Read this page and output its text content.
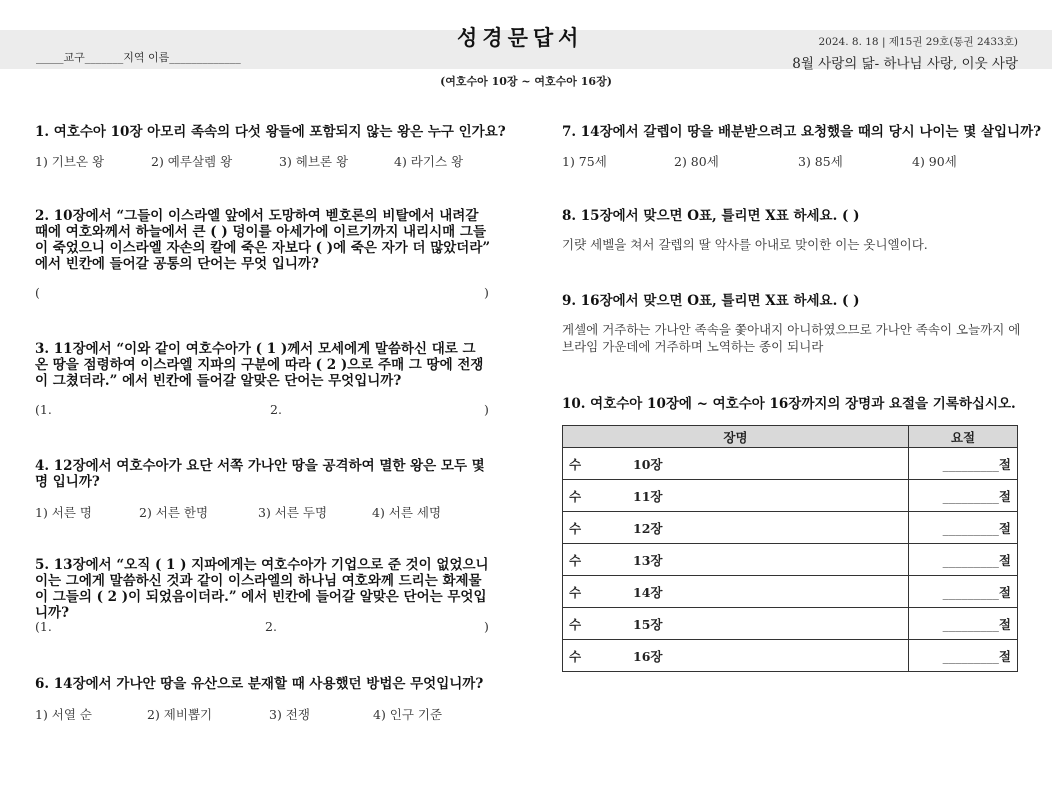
성경문답서
_____교구_______지역 이름_____________
2024. 8. 18 | 제15권 29호(통권 2433호)
8월 사랑의 닮- 하나님 사랑, 이웃 사랑
(여호수아 10장 ~ 여호수아 16장)
1. 여호수아 10장 아모리 족속의 다섯 왕들에 포함되지 않는 왕은 누구 인가요?
1) 기브온 왕	2) 예루살렘 왕	3) 헤브론 왕	4) 라기스 왕
2. 10장에서 “그들이 이스라엘 앞에서 도망하여 벧호론의 비탈에서 내려갈 때에 여호와께서 하늘에서 큰 ( ) 덩이를 아세가에 이르기까지 내리시매 그들이 죽었으니 이스라엘 자손의 칼에 죽은 자보다 ( )에 죽은 자가 더 많았더라” 에서 빈칸에 들어갈 공통의 단어는 무엇 입니까?
(	)
3. 11장에서 “이와 같이 여호수아가 ( 1 )께서 모세에게 말씀하신 대로 그 온 땅을 점령하여 이스라엘 지파의 구분에 따라 ( 2 )으로 주매 그 땅에 전쟁이 그쳤더라.” 에서 빈칸에 들어갈 알맞은 단어는 무엇입니까?
(1.	2.	)
4. 12장에서 여호수아가 요단 서쪽 가나안 땅을 공격하여 멸한 왕은 모두 몇 명 입니까?
1) 서른 명	2) 서른 한명	3) 서른 두명	4) 서른 세명
5. 13장에서 “오직 ( 1 ) 지파에게는 여호수아가 기업으로 준 것이 없었으니 이는 그에게 말씀하신 것과 같이 이스라엘의 하나님 여호와께 드리는 화제물이 그들의 ( 2 )이 되었음이더라.” 에서 빈칸에 들어갈 알맞은 단어는 무엇입니까?
(1.	2.	)
6. 14장에서 가나안 땅을 유산으로 분재할 때 사용했던 방법은 무엇입니까?
1) 서열 순	2) 제비뽑기	3) 전쟁	4) 인구 기준
7. 14장에서 갈렙이 땅을 배분받으려고 요청했을 때의 당시 나이는 몇 살입니까?
1) 75세	2) 80세	3) 85세	4) 90세
8. 15장에서 맞으면 O표, 틀리면 X표 하세요. ( )
기럇 세벨을 쳐서 갈렙의 딸 악사를 아내로 맞이한 이는 옷니엘이다.
9. 16장에서 맞으면 O표, 틀리면 X표 하세요. ( )
게셀에 거주하는 가나안 족속을 쫓아내지 아니하였으므로 가나안 족속이 오늘까지 에브라임 가운데에 거주하며 노역하는 종이 되니라
10. 여호수아 10장에 ~ 여호수아 16장까지의 장명과 요절을 기록하십시오.
장명	요절
수 10장	_________절
수 11장	_________절
수 12장	_________절
수 13장	_________절
수 14장	_________절
수 15장	_________절
수 16장	_________절
